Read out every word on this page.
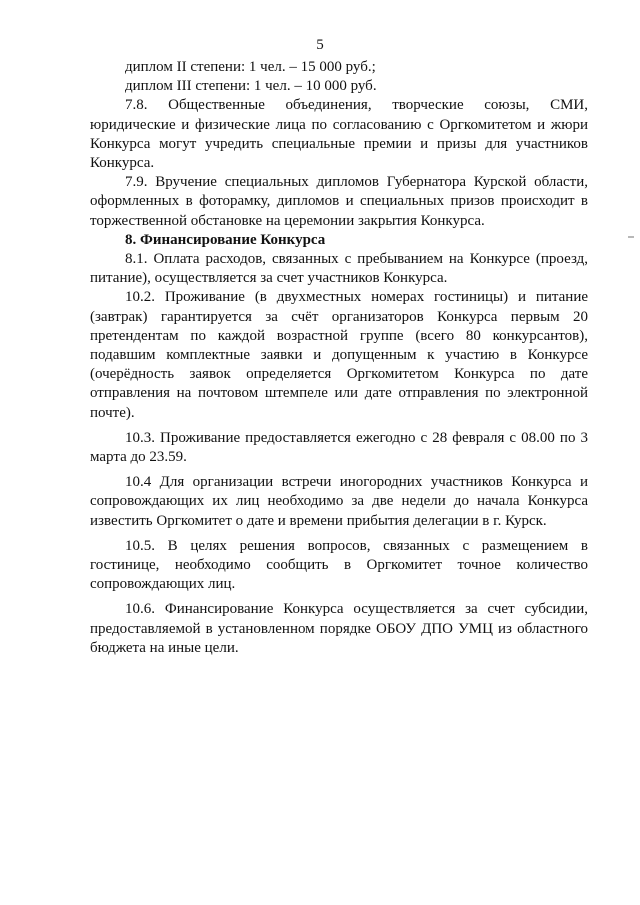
5

диплом II степени: 1 чел. – 15 000 руб.;

диплом III степени: 1 чел. – 10 000 руб.

7.8. Общественные объединения, творческие союзы, СМИ, юридические и физические лица по согласованию с Оргкомитетом и жюри Конкурса могут учредить специальные премии и призы для участников Конкурса.

7.9. Вручение специальных дипломов Губернатора Курской области, оформленных в фоторамку, дипломов и специальных призов происходит в торжественной обстановке на церемонии закрытия Конкурса.

8. Финансирование Конкурса

8.1. Оплата расходов, связанных с пребыванием на Конкурсе (проезд, питание), осуществляется за счет участников Конкурса.

10.2. Проживание (в двухместных номерах гостиницы) и питание (завтрак) гарантируется за счёт организаторов Конкурса первым 20 претендентам по каждой возрастной группе (всего 80 конкурсантов), подавшим комплектные заявки и допущенным к участию в Конкурсе (очерёдность заявок определяется Оргкомитетом Конкурса по дате отправления на почтовом штемпеле или дате отправления по электронной почте).

10.3. Проживание предоставляется ежегодно с 28 февраля с 08.00 по 3 марта до 23.59.

10.4 Для организации встречи иногородних участников Конкурса и сопровождающих их лиц необходимо за две недели до начала Конкурса известить Оргкомитет о дате и времени прибытия делегации в г. Курск.

10.5. В целях решения вопросов, связанных с размещением в гостинице, необходимо сообщить в Оргкомитет точное количество сопровождающих лиц.

10.6. Финансирование Конкурса осуществляется за счет субсидии, предоставляемой в установленном порядке ОБОУ ДПО УМЦ из областного бюджета на иные цели.
